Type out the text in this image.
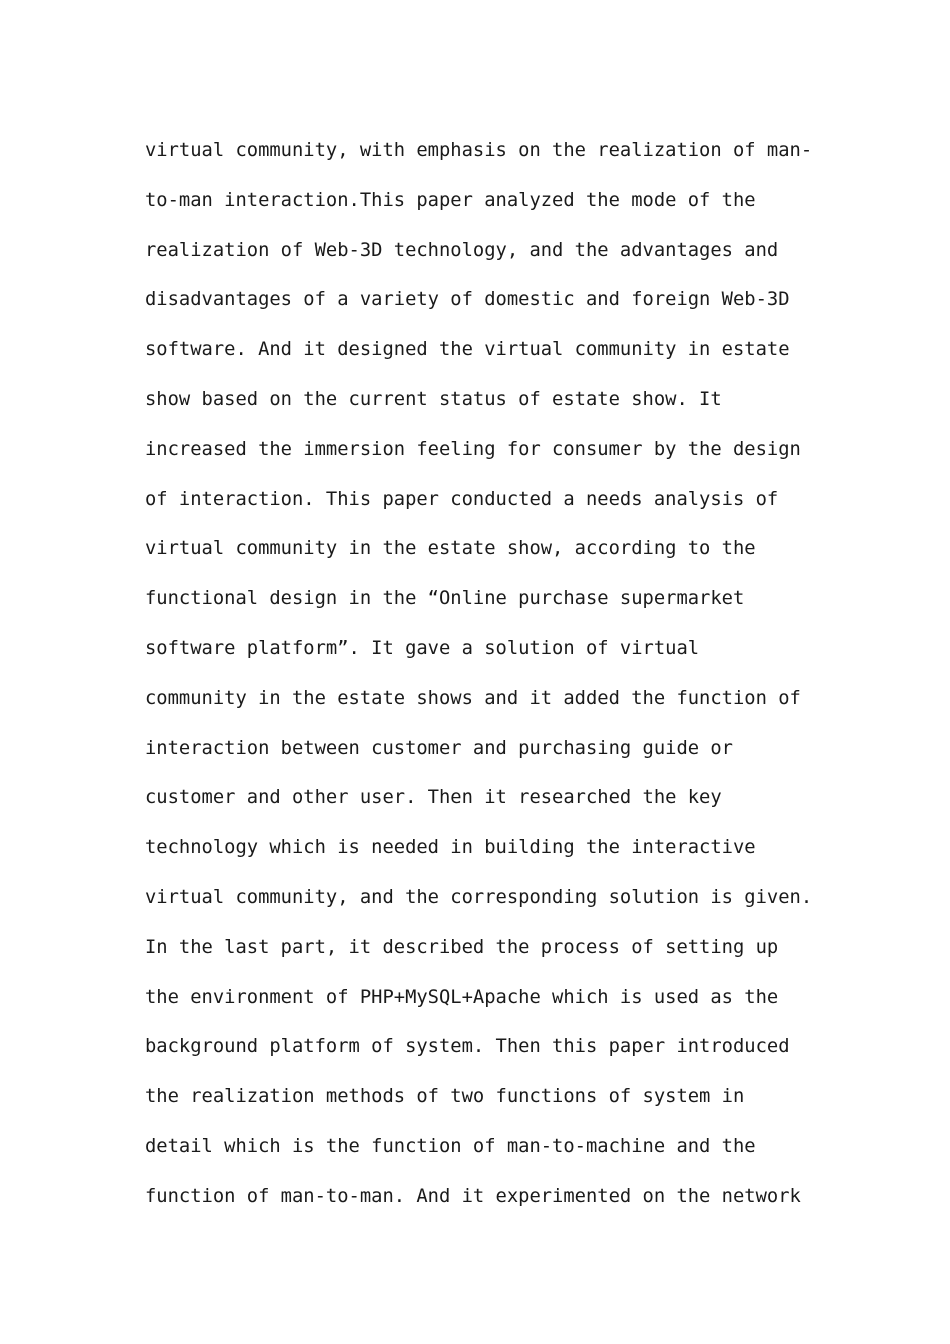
virtual community, with emphasis on the realization of man-
to-man interaction.This paper analyzed the mode of the
realization of Web-3D technology, and the advantages and
disadvantages of a variety of domestic and foreign Web-3D
software. And it designed the virtual community in estate
show based on the current status of estate show. It
increased the immersion feeling for consumer by the design
of interaction. This paper conducted a needs analysis of
virtual community in the estate show, according to the
functional design in the “Online purchase supermarket
software platform”. It gave a solution of virtual
community in the estate shows and it added the function of
interaction between customer and purchasing guide or
customer and other user. Then it researched the key
technology which is needed in building the interactive
virtual community, and the corresponding solution is given.
In the last part, it described the process of setting up
the environment of PHP+MySQL+Apache which is used as the
background platform of system. Then this paper introduced
the realization methods of two functions of system in
detail which is the function of man-to-machine and the
function of man-to-man. And it experimented on the network
